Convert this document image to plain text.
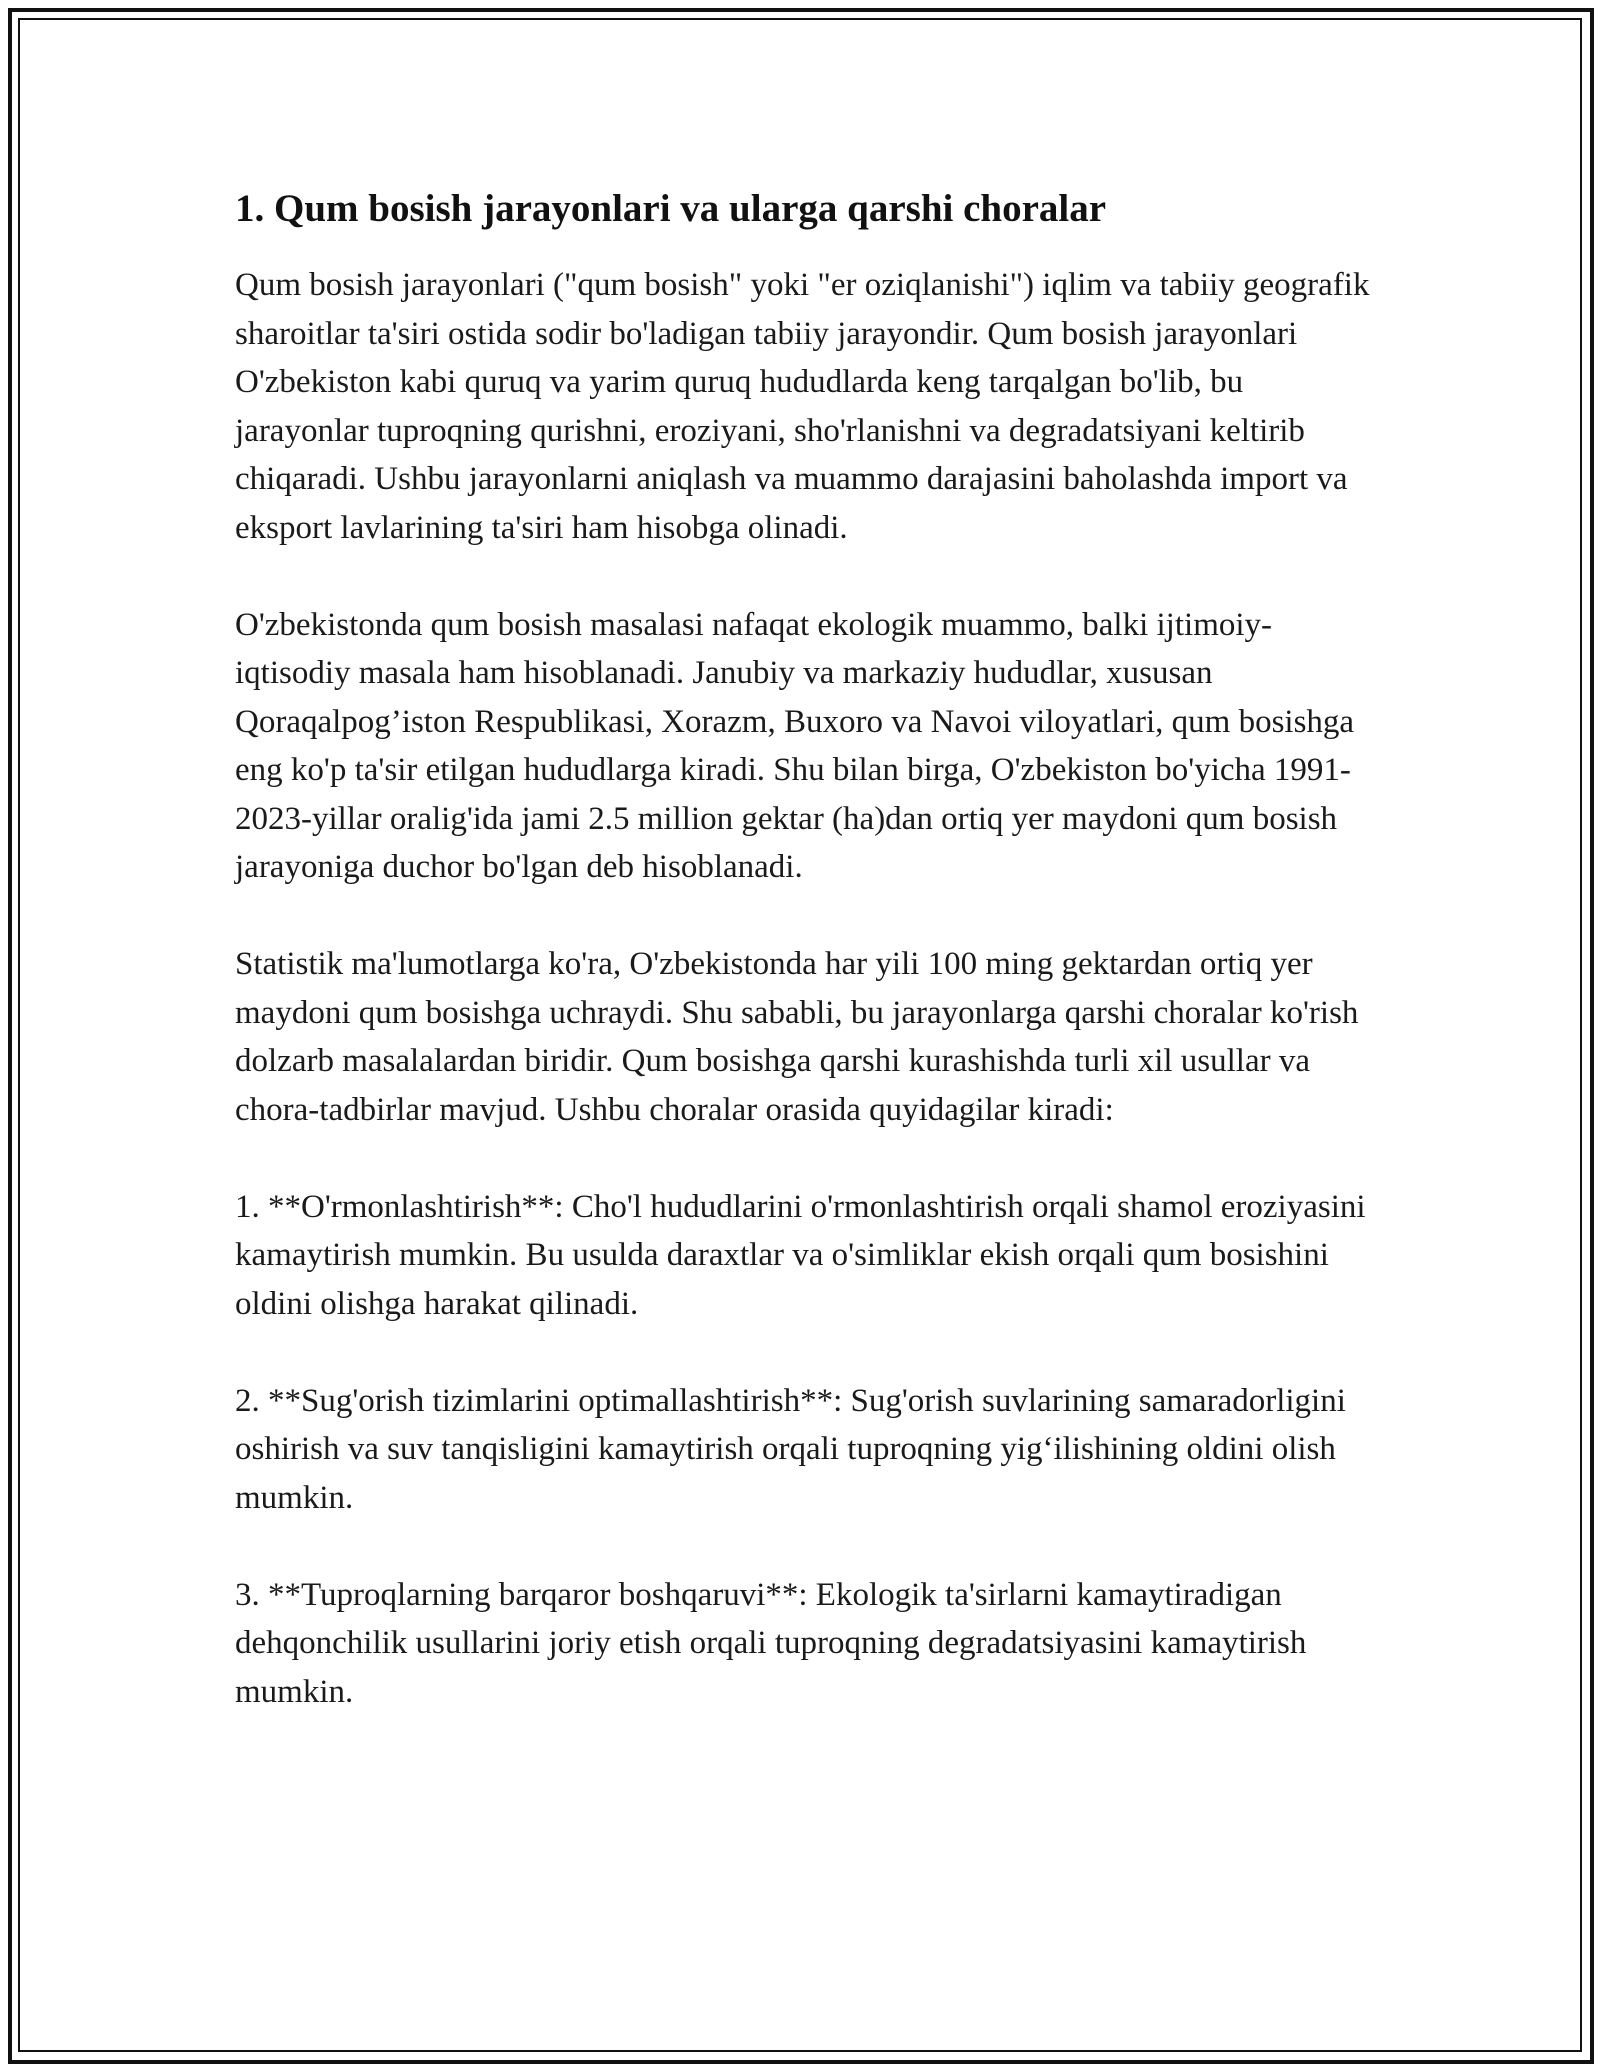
1. Qum bosish jarayonlari va ularga qarshi choralar

Qum bosish jarayonlari ("qum bosish" yoki "er oziqlanishi") iqlim va tabiiy geografik sharoitlar ta'siri ostida sodir bo'ladigan tabiiy jarayondir. Qum bosish jarayonlari O'zbekiston kabi quruq va yarim quruq hududlarda keng tarqalgan bo'lib, bu jarayonlar tuproqning qurishni, eroziyani, sho'rlanishni va degradatsiyani keltirib chiqaradi. Ushbu jarayonlarni aniqlash va muammo darajasini baholashda import va eksport lavlarining ta'siri ham hisobga olinadi.

O'zbekistonda qum bosish masalasi nafaqat ekologik muammo, balki ijtimoiy-iqtisodiy masala ham hisoblanadi. Janubiy va markaziy hududlar, xususan Qoraqalpog’iston Respublikasi, Xorazm, Buxoro va Navoi viloyatlari, qum bosishga eng ko'p ta'sir etilgan hududlarga kiradi. Shu bilan birga, O'zbekiston bo'yicha 1991-2023-yillar oralig'ida jami 2.5 million gektar (ha)dan ortiq yer maydoni qum bosish jarayoniga duchor bo'lgan deb hisoblanadi.

Statistik ma'lumotlarga ko'ra, O'zbekistonda har yili 100 ming gektardan ortiq yer maydoni qum bosishga uchraydi. Shu sababli, bu jarayonlarga qarshi choralar ko'rish dolzarb masalalardan biridir. Qum bosishga qarshi kurashishda turli xil usullar va chora-tadbirlar mavjud. Ushbu choralar orasida quyidagilar kiradi:

1. **O'rmonlashtirish**: Cho'l hududlarini o'rmonlashtirish orqali shamol eroziyasini kamaytirish mumkin. Bu usulda daraxtlar va o'simliklar ekish orqali qum bosishini oldini olishga harakat qilinadi.

2. **Sug'orish tizimlarini optimallashtirish**: Sug'orish suvlarining samaradorligini oshirish va suv tanqisligini kamaytirish orqali tuproqning yig‘ilishining oldini olish mumkin.

3. **Tuproqlarning barqaror boshqaruvi**: Ekologik ta'sirlarni kamaytiradigan dehqonchilik usullarini joriy etish orqali tuproqning degradatsiyasini kamaytirish mumkin.
